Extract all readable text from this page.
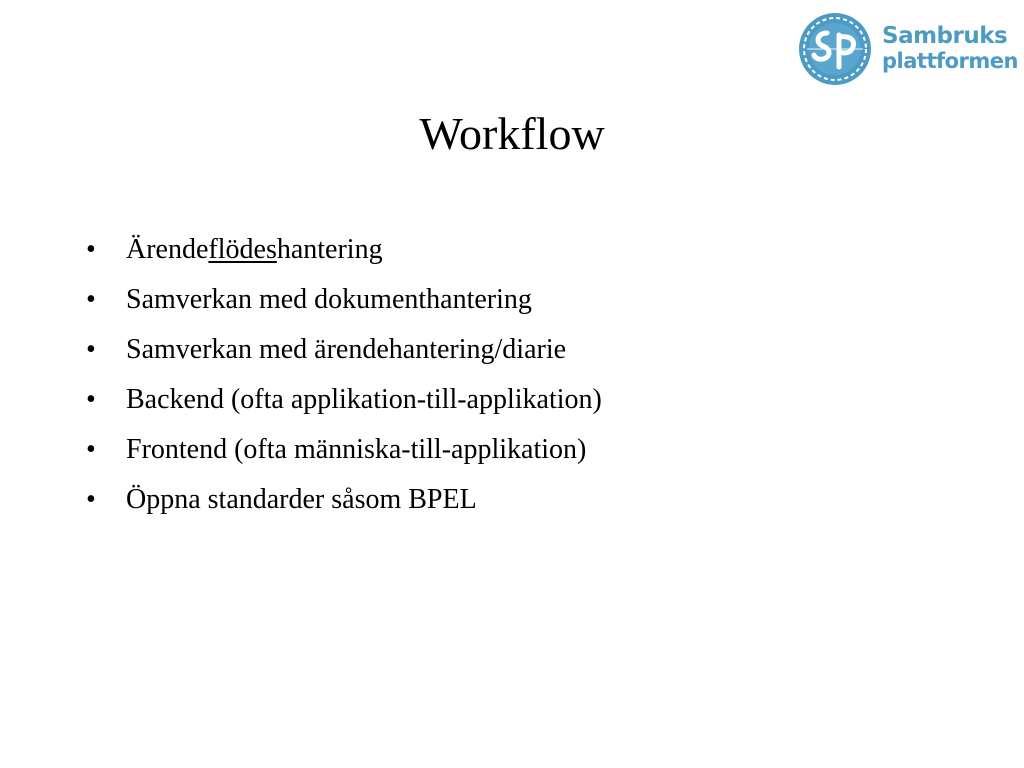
Sambruks
plattformen
Workflow
•	Ärendeflödeshantering
•	Samverkan med dokumenthantering
•	Samverkan med ärendehantering/diarie
•	Backend (ofta applikation-till-applikation)
•	Frontend (ofta människa-till-applikation)
•	Öppna standarder såsom BPEL
